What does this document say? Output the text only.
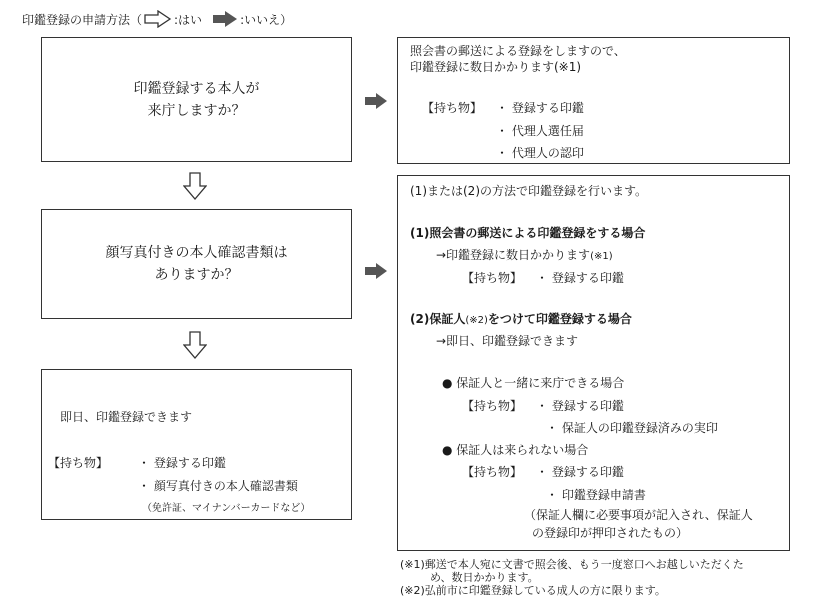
印鑑登録の申請方法（	:はい	:いいえ）
印鑑登録する本人が
来庁しますか？
顔写真付きの本人確認書類は
ありますか？
即日、印鑑登録できます
【持ち物】 ・ 登録する印鑑
・ 顔写真付きの本人確認書類
（免許証、マイナンバーカードなど）
照会書の郵送による登録をしますので、
印鑑登録に数日かかります(※1)
【持ち物】 ・ 登録する印鑑
・ 代理人選任届
・ 代理人の認印
(1)または(2)の方法で印鑑登録を行います。
(1)照会書の郵送による印鑑登録をする場合
→印鑑登録に数日かかります(※1)
【持ち物】 ・ 登録する印鑑
(2)保証人(※2)をつけて印鑑登録する場合
→即日、印鑑登録できます
● 保証人と一緒に来庁できる場合
【持ち物】 ・ 登録する印鑑
・ 保証人の印鑑登録済みの実印
● 保証人は来られない場合
【持ち物】 ・ 登録する印鑑
・ 印鑑登録申請書
（保証人欄に必要事項が記入され、保証人
の登録印が押印されたもの）
(※1)郵送で本人宛に文書で照会後、もう一度窓口へお越しいただくた
め、数日かかります。
(※2)弘前市に印鑑登録している成人の方に限ります。
